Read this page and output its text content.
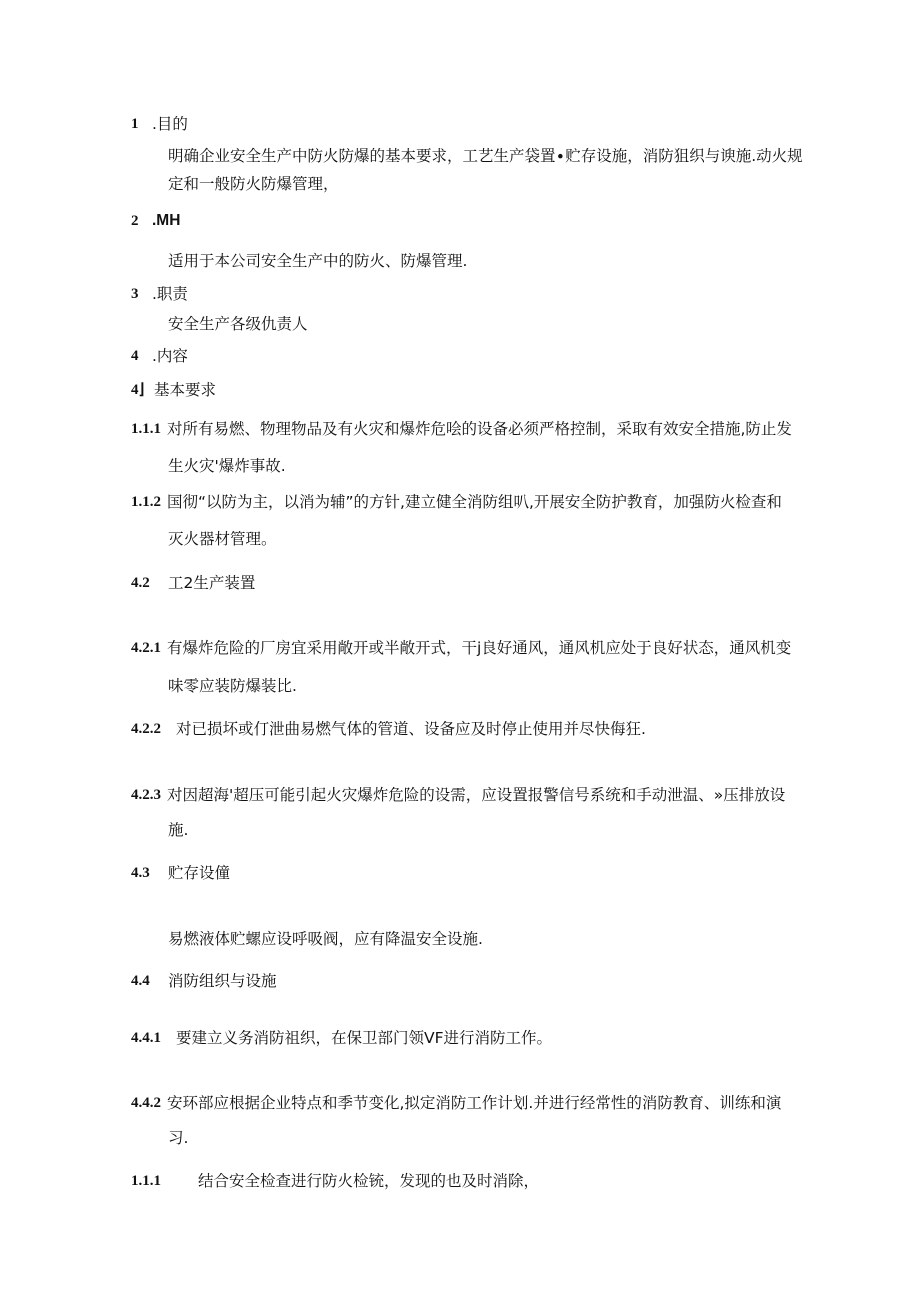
1 .目的
明确企业安全生产中防火防爆的基本要求，工艺生产袋置∙贮存设施，消防狙织与谀施.动火规
定和一般防火防爆管理，
2 .MH
适用于本公司安全生产中的防火、防爆管理.
3 .职责
安全生产各级仇责人
4 .内容
4⌋ 基本要求
1.1.1 对所有易燃、物理物品及有火灾和爆炸危哙的设备必须严格控制，采取有效安全措施,防止发
生火灾'爆炸事故.
1.1.2 国彻“以防为主，以消为辅”的方针,建立健全消防组叭,开展安全防护教育，加强防火检查和
灭火器材管理。
4.2 工2生产装置
4.2.1 有爆炸危险的厂房宜采用敞开或半敞开式，干j良好通风，通风机应处于良好状态，通风机变
味零应装防爆装比.
4.2.2 对已损坏或仃泄曲易燃气体的管道、设备应及时停止使用并尽快侮狂.
4.2.3 对因超海'超压可能引起火灾爆炸危险的设需，应设置报警信号系统和手动泄温、»压排放设
施.
4.3 贮存设僮
易燃液体贮螺应设呼吸阀，应有降温安全设施.
4.4 消防组织与设施
4.4.1 要建立义务消防祖织，在保卫部门领VF进行消防工作。
4.4.2 安环部应根据企业特点和季节变化,拟定消防工作计划.并进行经常性的消防教育、训练和演
习.
1.1.1 结合安全检查进行防火检铳，发现的也及时消除，
